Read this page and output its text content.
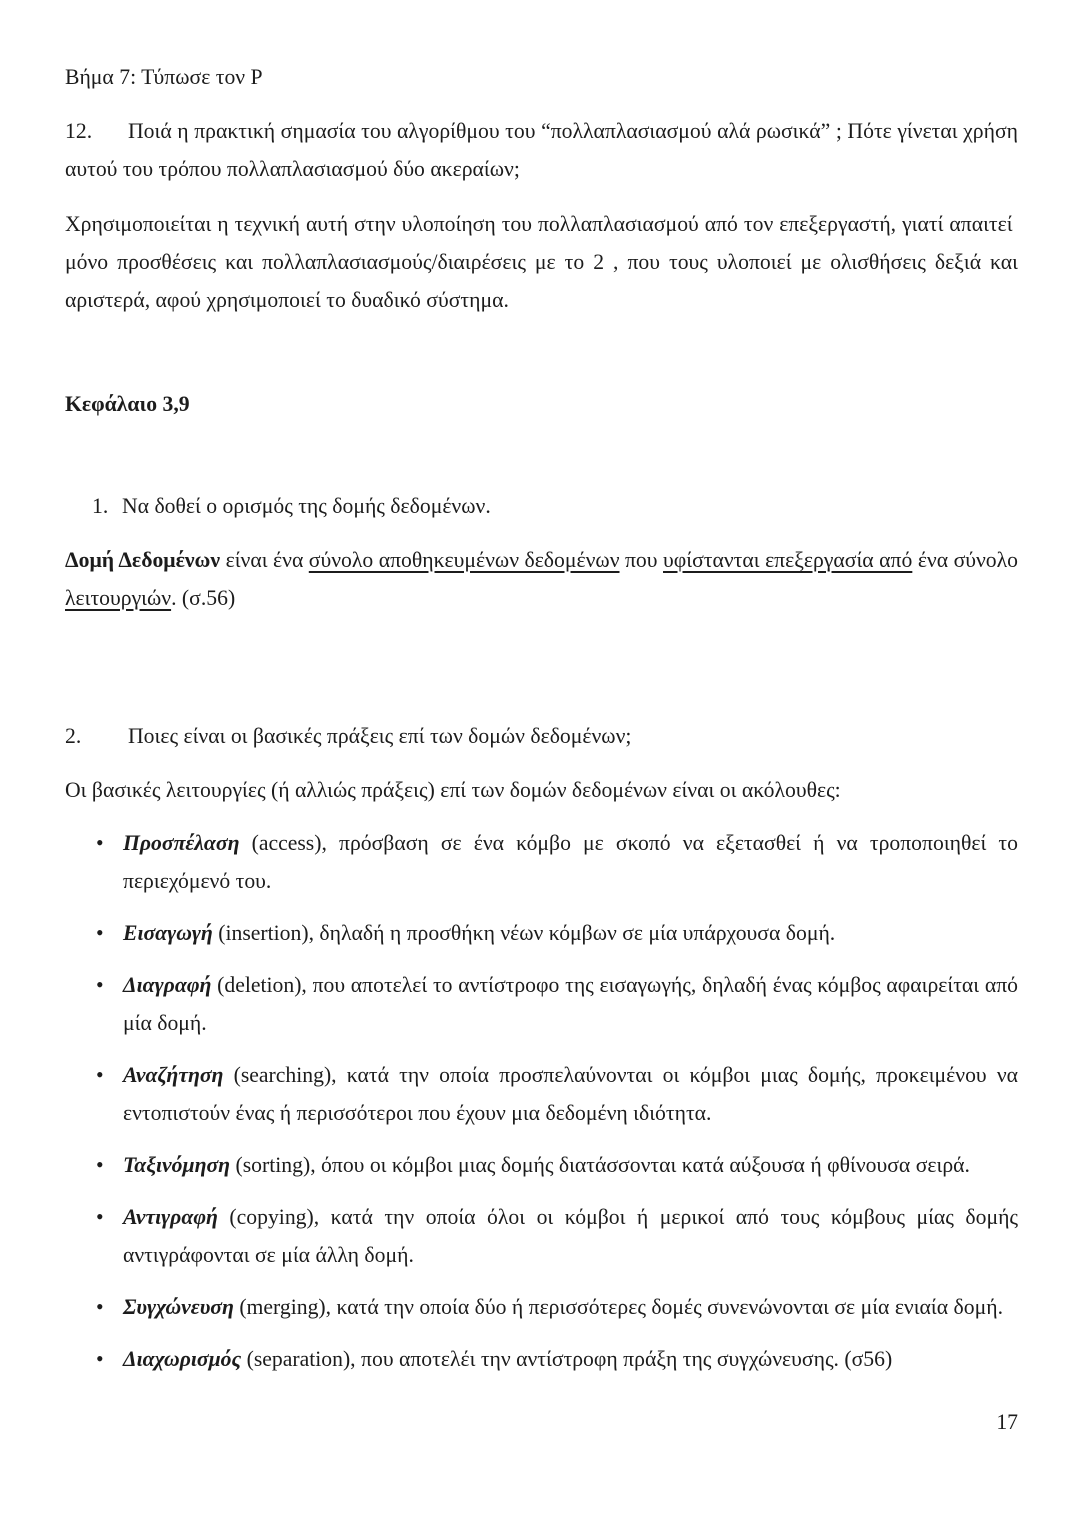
Βήμα 7: Τύπωσε τον P

12. Ποιά η πρακτική σημασία του αλγορίθμου του “πολλαπλασιασμού αλά ρωσικά” ; Πότε γίνεται χρήση αυτού του τρόπου πολλαπλασιασμού δύο ακεραίων;

Χρησιμοποιείται η τεχνική αυτή στην υλοποίηση του πολλαπλασιασμού από τον επεξεργαστή, γιατί απαιτεί  μόνο προσθέσεις και πολλαπλασιασμούς/διαιρέσεις με το 2 , που τους υλοποιεί με ολισθήσεις δεξιά και αριστερά, αφού χρησιμοποιεί το δυαδικό σύστημα.

Κεφάλαιο 3,9

1. Να δοθεί ο ορισμός της δομής δεδομένων.

Δομή Δεδομένων είναι ένα σύνολο αποθηκευμένων δεδομένων που υφίστανται επεξεργασία από ένα σύνολο λειτουργιών. (σ.56)

2. Ποιες είναι οι βασικές πράξεις επί των δομών δεδομένων;

Οι βασικές λειτουργίες (ή αλλιώς πράξεις) επί των δομών δεδομένων είναι οι ακόλουθες:

• Προσπέλαση (access), πρόσβαση σε ένα κόμβο με σκοπό να εξετασθεί ή να τροποποιηθεί το περιεχόμενό του.

• Εισαγωγή (insertion), δηλαδή η προσθήκη νέων κόμβων σε μία υπάρχουσα δομή.

• Διαγραφή (deletion), που αποτελεί το αντίστροφο της εισαγωγής, δηλαδή ένας κόμβος αφαιρείται από μία δομή.

• Αναζήτηση (searching), κατά την οποία προσπελαύνονται οι κόμβοι μιας δομής, προκειμένου να εντοπιστούν ένας ή περισσότεροι που έχουν μια δεδομένη ιδιότητα.

• Ταξινόμηση (sorting), όπου οι κόμβοι μιας δομής διατάσσονται κατά αύξουσα ή φθίνουσα σειρά.

• Αντιγραφή (copying), κατά την οποία όλοι οι κόμβοι ή μερικοί από τους κόμβους μίας δομής αντιγράφονται σε μία άλλη δομή.

• Συγχώνευση (merging), κατά την οποία δύο ή περισσότερες δομές συνενώνονται σε μία ενιαία δομή.

• Διαχωρισμός (separation), που αποτελέι την αντίστροφη πράξη της συγχώνευσης. (σ56)

17
